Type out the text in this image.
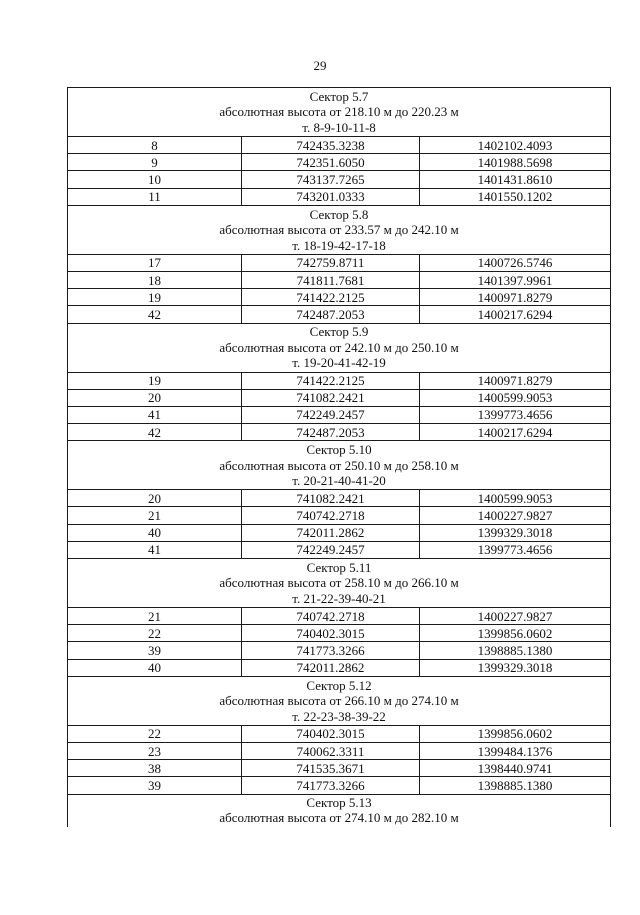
29
Сектор 5.7
абсолютная высота от 218.10 м до 220.23 м
т. 8-9-10-11-8		

8	742435.3238	1402102.4093
9	742351.6050	1401988.5698
10	743137.7265	1401431.8610
11	743201.0333	1401550.1202

Сектор 5.8
абсолютная высота от 233.57 м до 242.10 м
т. 18-19-42-17-18		

17	742759.8711	1400726.5746
18	741811.7681	1401397.9961
19	741422.2125	1400971.8279
42	742487.2053	1400217.6294

Сектор 5.9
абсолютная высота от 242.10 м до 250.10 м
т. 19-20-41-42-19		

19	741422.2125	1400971.8279
20	741082.2421	1400599.9053
41	742249.2457	1399773.4656
42	742487.2053	1400217.6294

Сектор 5.10
абсолютная высота от 250.10 м до 258.10 м
т. 20-21-40-41-20		

20	741082.2421	1400599.9053
21	740742.2718	1400227.9827
40	742011.2862	1399329.3018
41	742249.2457	1399773.4656

Сектор 5.11
абсолютная высота от 258.10 м до 266.10 м
т. 21-22-39-40-21		

21	740742.2718	1400227.9827
22	740402.3015	1399856.0602
39	741773.3266	1398885.1380
40	742011.2862	1399329.3018

Сектор 5.12
абсолютная высота от 266.10 м до 274.10 м
т. 22-23-38-39-22		

22	740402.3015	1399856.0602
23	740062.3311	1399484.1376
38	741535.3671	1398440.9741
39	741773.3266	1398885.1380

Сектор 5.13
абсолютная высота от 274.10 м до 282.10 м		
